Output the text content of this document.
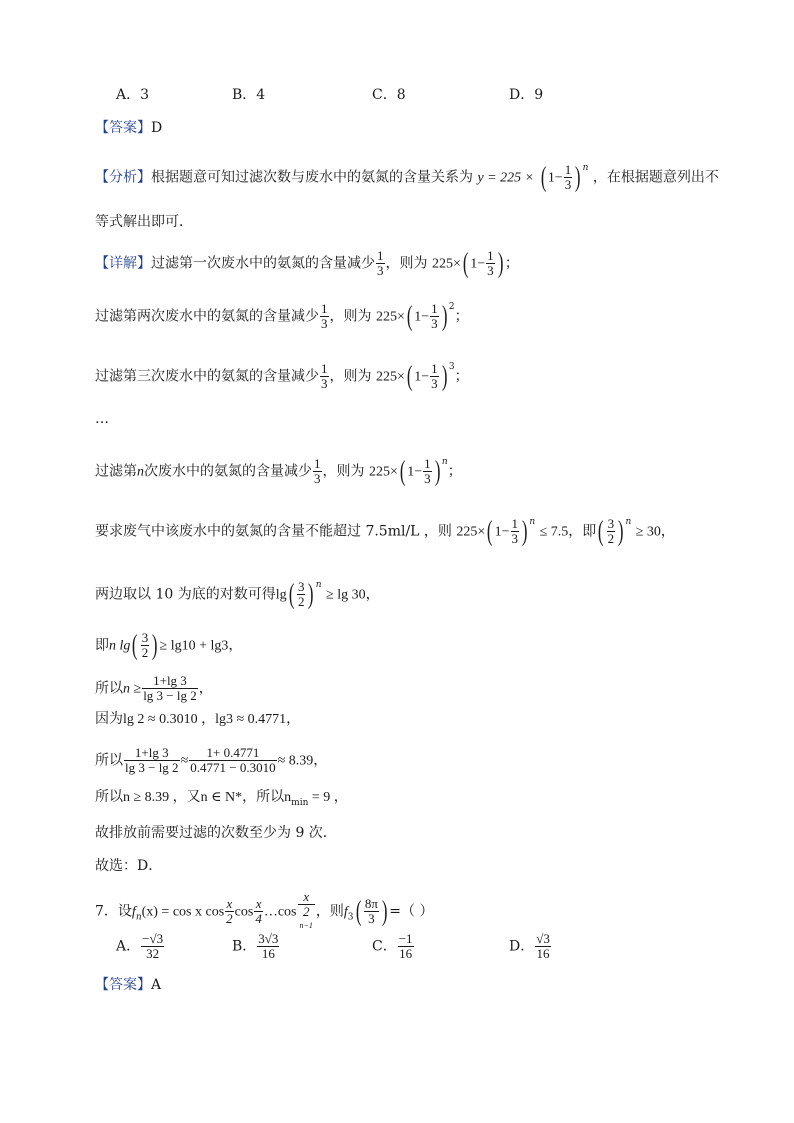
A．3	B．4	C．8	D．9
【答案】D
【分析】根据题意可知过滤次数与废水中的氨氮的含量关系为 y = 225 × ( $1- \frac{1}{3}$ ) $^n$ ，在根据题意列出不
等式解出即可．
【详解】过滤第一次废水中的氨氮的含量减少 $\frac{1}{3}$ ，则为 225×( $1- \frac{1}{3}$ ) ；
过滤第两次废水中的氨氮的含量减少 $\frac{1}{3}$ ，则为 225×( $1- \frac{1}{3}$ ) $^2$；
过滤第三次废水中的氨氮的含量减少 $\frac{1}{3}$ ，则为 225×( $1- \frac{1}{3}$ ) $^3$；
…
过滤第n次废水中的氨氮的含量减少 $\frac{1}{3}$ ，则为 225×( $1- \frac{1}{3}$ ) $^n$；
要求废气中该废水中的氨氮的含量不能超过 7.5ml/L ，则 225×( $1- \frac{1}{3}$ ) $^n$ ≤ 7.5，即( $\frac{3}{2}$ ) $^n$ ≥ 30，
两边取以 10 为底的对数可得$\lg( \frac{3}{2}$ ) $^n$ ≥ lg 30，
即n $\lg( \frac{3}{2}$ ) ≥ lg10 + lg3，
所以$n \ge \frac{1+\lg 3}{\lg 3 - \lg 2}$ ，
因为lg 2 ≈ 0.3010 ，lg3 ≈ 0.4771，
所以 $\frac{1+\lg 3}{\lg 3 - \lg 2} \approx \frac{1+ 0.4771}{0.4771 - 0.3010} \approx 8.39$，
所以n ≥ 8.39 ，又n ∈ N*，所以$n_{min} = 9$ ，
故排放前需要过滤的次数至少为 9 次．
故选：D．
7．设$f_n(x) = \cos x$ $\cos \frac{x}{2}$ $\cos \frac{x}{4}$ …cos x
2
n−1 ，则$f_3( \frac{8\pi}{3}$ ) =（ ）
A． $\frac{-√3}{32}$	B． $\frac{3√3}{16}$	C． $\frac{-1}{16}$	D． $\frac{√3}{16}$
【答案】A
